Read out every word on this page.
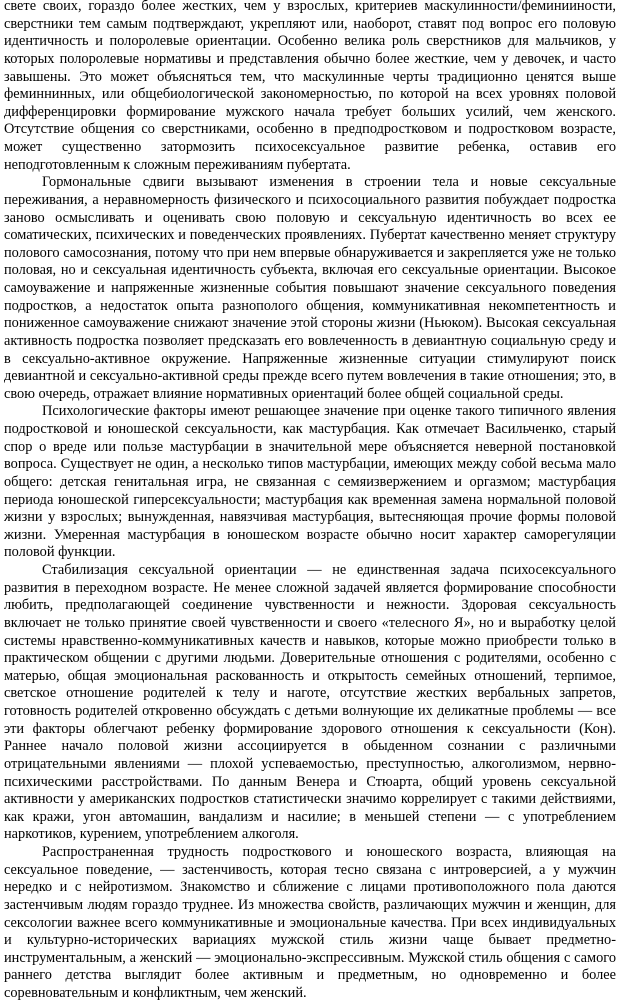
свете своих, гораздо более жестких, чем у взрослых, критериев маскулинности/феминииности, сверстники тем самым подтверждают, укрепляют или, наоборот, ставят под вопрос его половую идентичность и полоролевые ориентации. Особенно велика роль сверстников для мальчиков, у которых полоролевые нормативы и представления обычно более жесткие, чем у девочек, и часто завышены. Это может объясняться тем, что маскулинные черты традиционно ценятся выше феминнинных, или общебиологической закономерностью, по которой на всех уровнях половой дифференцировки формирование мужского начала требует больших усилий, чем женского. Отсутствие общения со сверстниками, особенно в предподростковом и подростковом возрасте, может существенно затормозить психосексуальное развитие ребенка, оставив его неподготовленным к сложным переживаниям пубертата.

Гормональные сдвиги вызывают изменения в строении тела и новые сексуальные переживания, а неравномерность физического и психосоциального развития побуждает подростка заново осмысливать и оценивать свою половую и сексуальную идентичность во всех ее соматических, психических и поведенческих проявлениях. Пубертат качественно меняет структуру полового самосознания, потому что при нем впервые обнаруживается и закрепляется уже не только половая, но и сексуальная идентичность субъекта, включая его сексуальные ориентации. Высокое самоуважение и напряженные жизненные события повышают значение сексуального поведения подростков, а недостаток опыта разнополого общения, коммуникативная некомпетентность и пониженное самоуважение снижают значение этой стороны жизни (Ньюком). Высокая сексуальная активность подростка позволяет предсказать его вовлеченность в девиантную социальную среду и в сексуально-активное окружение. Напряженные жизненные ситуации стимулируют поиск девиантной и сексуально-активной среды прежде всего путем вовлечения в такие отношения; это, в свою очередь, отражает влияние нормативных ориентаций более общей социальной среды.

Психологические факторы имеют решающее значение при оценке такого типичного явления подростковой и юношеской сексуальности, как мастурбация. Как отмечает Васильченко, старый спор о вреде или пользе мастурбации в значительной мере объясняется неверной постановкой вопроса. Существует не один, а несколько типов мастурбации, имеющих между собой весьма мало общего: детская генитальная игра, не связанная с семяизвержением и оргазмом; мастурбация периода юношеской гиперсексуальности; мастурбация как временная замена нормальной половой жизни у взрослых; вынужденная, навязчивая мастурбация, вытесняющая прочие формы половой жизни. Умеренная мастурбация в юношеском возрасте обычно носит характер саморегуляции половой функции.

Стабилизация сексуальной ориентации — не единственная задача психосексуального развития в переходном возрасте. Не менее сложной задачей является формирование способности любить, предполагающей соединение чувственности и нежности. Здоровая сексуальность включает не только принятие своей чувственности и своего «телесного Я», но и выработку целой системы нравственно-коммуникативных качеств и навыков, которые можно приобрести только в практическом общении с другими людьми. Доверительные отношения с родителями, особенно с матерью, общая эмоциональная раскованность и открытость семейных отношений, терпимое, светское отношение родителей к телу и наготе, отсутствие жестких вербальных запретов, готовность родителей откровенно обсуждать с детьми волнующие их деликатные проблемы — все эти факторы облегчают ребенку формирование здорового отношения к сексуальности (Кон). Раннее начало половой жизни ассоциируется в обыденном сознании с различными отрицательными явлениями — плохой успеваемостью, преступностью, алкоголизмом, нервно-психическими расстройствами. По данным Венера и Стюарта, общий уровень сексуальной активности у американских подростков статистически значимо коррелирует с такими действиями, как кражи, угон автомашин, вандализм и насилие; в меньшей степени — с употреблением наркотиков, курением, употреблением алкоголя.

Распространенная трудность подросткового и юношеского возраста, влияющая на сексуальное поведение, — застенчивость, которая тесно связана с интроверсией, а у мужчин нередко и с нейротизмом. Знакомство и сближение с лицами противоположного пола даются застенчивым людям гораздо труднее. Из множества свойств, различающих мужчин и женщин, для сексологии важнее всего коммуникативные и эмоциональные качества. При всех индивидуальных и культурно-исторических вариациях мужской стиль жизни чаще бывает предметно-инструментальным, а женский — эмоционально-экспрессивным. Мужской стиль общения с самого раннего детства выглядит более активным и предметным, но одновременно и более соревновательным и конфликтным, чем женский.
